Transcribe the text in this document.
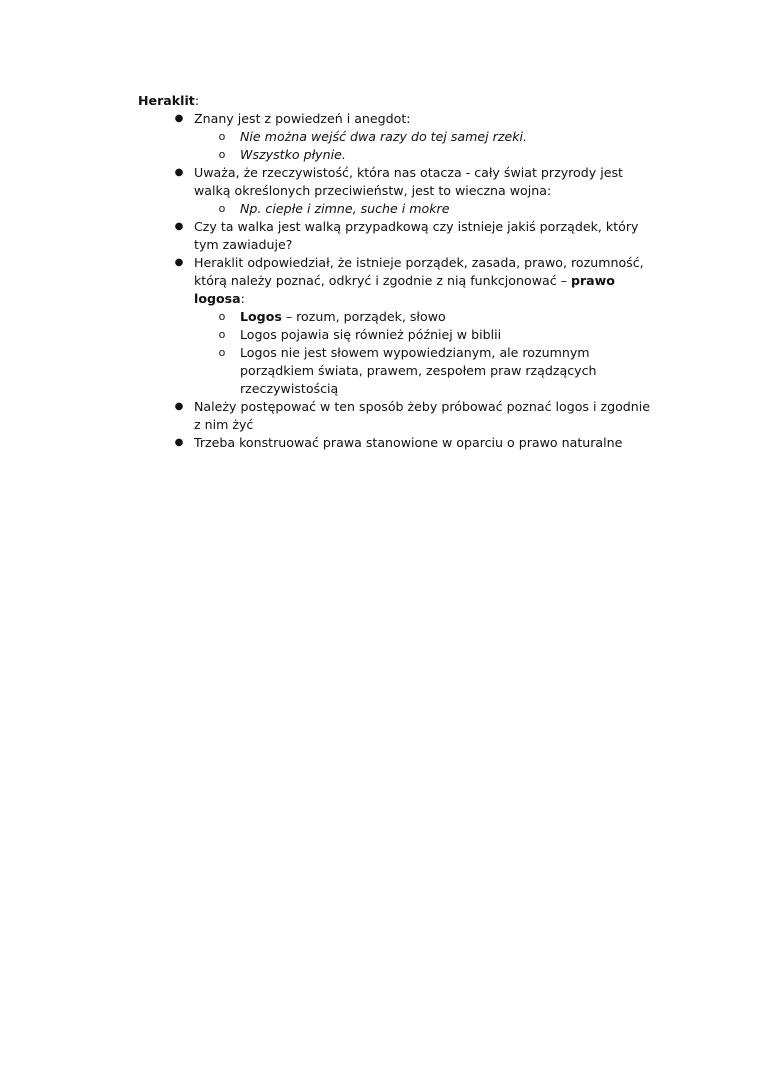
Heraklit:

● Znany jest z powiedzeń i anegdot:
o Nie można wejść dwa razy do tej samej rzeki.
o Wszystko płynie.
● Uważa, że rzeczywistość, która nas otacza - cały świat przyrody jest walką określonych przeciwieństw, jest to wieczna wojna:
o Np. ciepłe i zimne, suche i mokre
● Czy ta walka jest walką przypadkową czy istnieje jakiś porządek, który tym zawiaduje?
● Heraklit odpowiedział, że istnieje porządek, zasada, prawo, rozumność, którą należy poznać, odkryć i zgodnie z nią funkcjonować – prawo logosa:
o Logos – rozum, porządek, słowo
o Logos pojawia się również później w biblii
o Logos nie jest słowem wypowiedzianym, ale rozumnym porządkiem świata, prawem, zespołem praw rządzących rzeczywistością
● Należy postępować w ten sposób żeby próbować poznać logos i zgodnie z nim żyć
● Trzeba konstruować prawa stanowione w oparciu o prawo naturalne
